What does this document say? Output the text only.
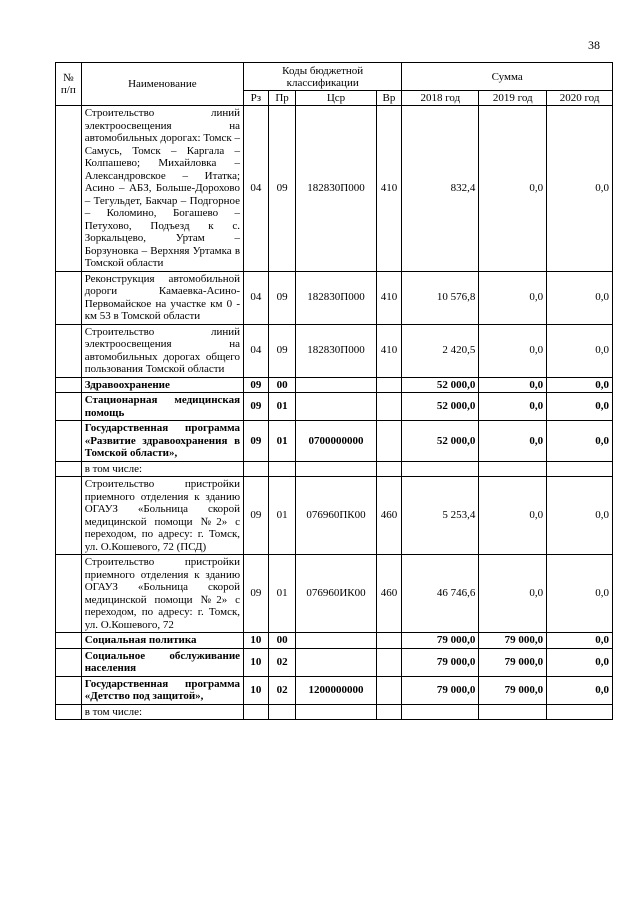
38
№ п/п	Наименование	Коды бюджетной классификации				Сумма		
		Рз	Пр	Цср	Вр	2018 год	2019 год	2020 год
	Строительство линий электроосвещения на автомобильных дорогах: Томск – Самусь, Томск – Каргала – Колпашево; Михайловка – Александровское – Итатка; Асино – АБЗ, Больше-Дорохово – Тегульдет, Бакчар – Подгорное – Коломино, Богашево – Петухово, Подъезд к с. Зоркальцево, Уртам – Борзуновка – Верхняя Уртамка в Томской области	04	09	182830П000	410	832,4	0,0	0,0
	Реконструкция автомобильной дороги Камаевка-Асино-Первомайское на участке км 0 - км 53 в Томской области	04	09	182830П000	410	10 576,8	0,0	0,0
	Строительство линий электроосвещения на автомобильных дорогах общего пользования Томской области	04	09	182830П000	410	2 420,5	0,0	0,0
	Здравоохранение	09	00			52 000,0	0,0	0,0
	Стационарная медицинская помощь	09	01			52 000,0	0,0	0,0
	Государственная программа «Развитие здравоохранения в Томской области»,	09	01	0700000000		52 000,0	0,0	0,0
	в том числе:							
	Строительство пристройки приемного отделения к зданию ОГАУЗ «Больница скорой медицинской помощи №2» с переходом, по адресу: г. Томск, ул. О.Кошевого, 72 (ПСД)	09	01	076960ПК00	460	5 253,4	0,0	0,0
	Строительство пристройки приемного отделения к зданию ОГАУЗ «Больница скорой медицинской помощи №2» с переходом, по адресу: г. Томск, ул. О.Кошевого, 72	09	01	076960ИК00	460	46 746,6	0,0	0,0
	Социальная политика	10	00			79 000,0	79 000,0	0,0
	Социальное обслуживание населения	10	02			79 000,0	79 000,0	0,0
	Государственная программа «Детство под защитой»,	10	02	1200000000		79 000,0	79 000,0	0,0
	в том числе:							
